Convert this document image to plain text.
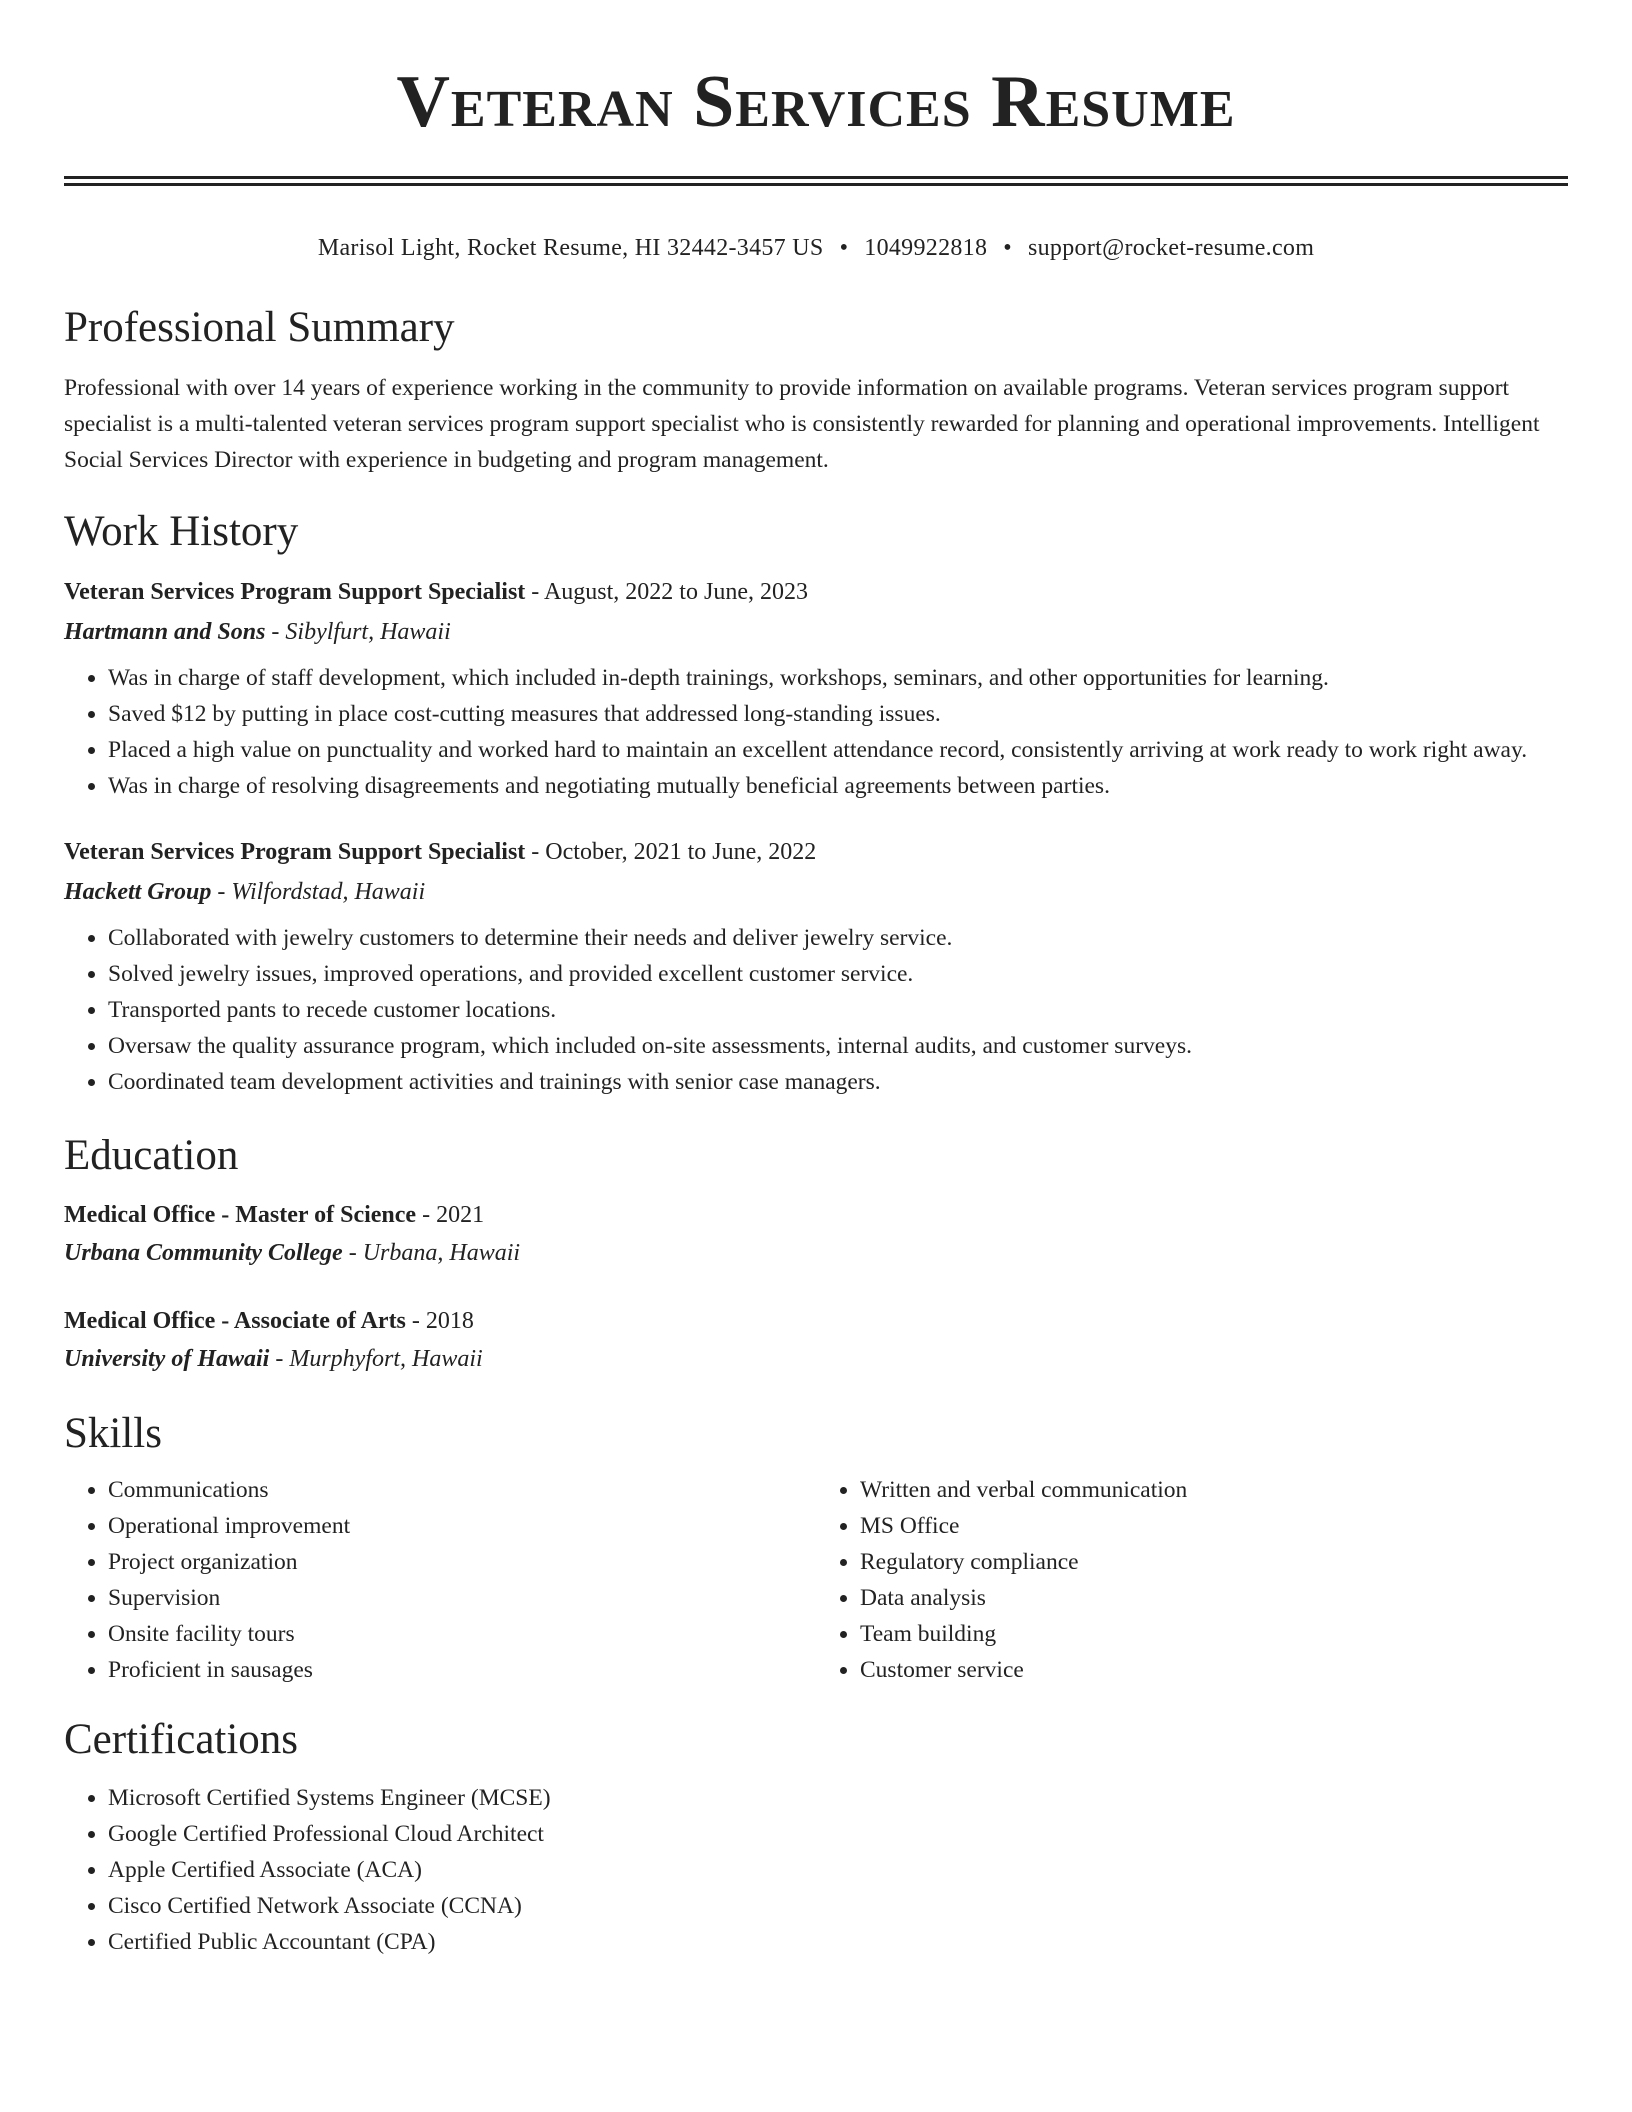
Veteran Services Resume
Marisol Light, Rocket Resume, HI 32442-3457 US • 1049922818 • support@rocket-resume.com
Professional Summary
Professional with over 14 years of experience working in the community to provide information on available programs. Veteran services program support specialist is a multi-talented veteran services program support specialist who is consistently rewarded for planning and operational improvements. Intelligent Social Services Director with experience in budgeting and program management.
Work History
Veteran Services Program Support Specialist - August, 2022 to June, 2023
Hartmann and Sons - Sibylfurt, Hawaii
• Was in charge of staff development, which included in-depth trainings, workshops, seminars, and other opportunities for learning.
• Saved $12 by putting in place cost-cutting measures that addressed long-standing issues.
• Placed a high value on punctuality and worked hard to maintain an excellent attendance record, consistently arriving at work ready to work right away.
• Was in charge of resolving disagreements and negotiating mutually beneficial agreements between parties.
Veteran Services Program Support Specialist - October, 2021 to June, 2022
Hackett Group - Wilfordstad, Hawaii
• Collaborated with jewelry customers to determine their needs and deliver jewelry service.
• Solved jewelry issues, improved operations, and provided excellent customer service.
• Transported pants to recede customer locations.
• Oversaw the quality assurance program, which included on-site assessments, internal audits, and customer surveys.
• Coordinated team development activities and trainings with senior case managers.
Education
Medical Office - Master of Science - 2021
Urbana Community College - Urbana, Hawaii
Medical Office - Associate of Arts - 2018
University of Hawaii - Murphyfort, Hawaii
Skills
• Communications
• Operational improvement
• Project organization
• Supervision
• Onsite facility tours
• Proficient in sausages
• Written and verbal communication
• MS Office
• Regulatory compliance
• Data analysis
• Team building
• Customer service
Certifications
• Microsoft Certified Systems Engineer (MCSE)
• Google Certified Professional Cloud Architect
• Apple Certified Associate (ACA)
• Cisco Certified Network Associate (CCNA)
• Certified Public Accountant (CPA)
